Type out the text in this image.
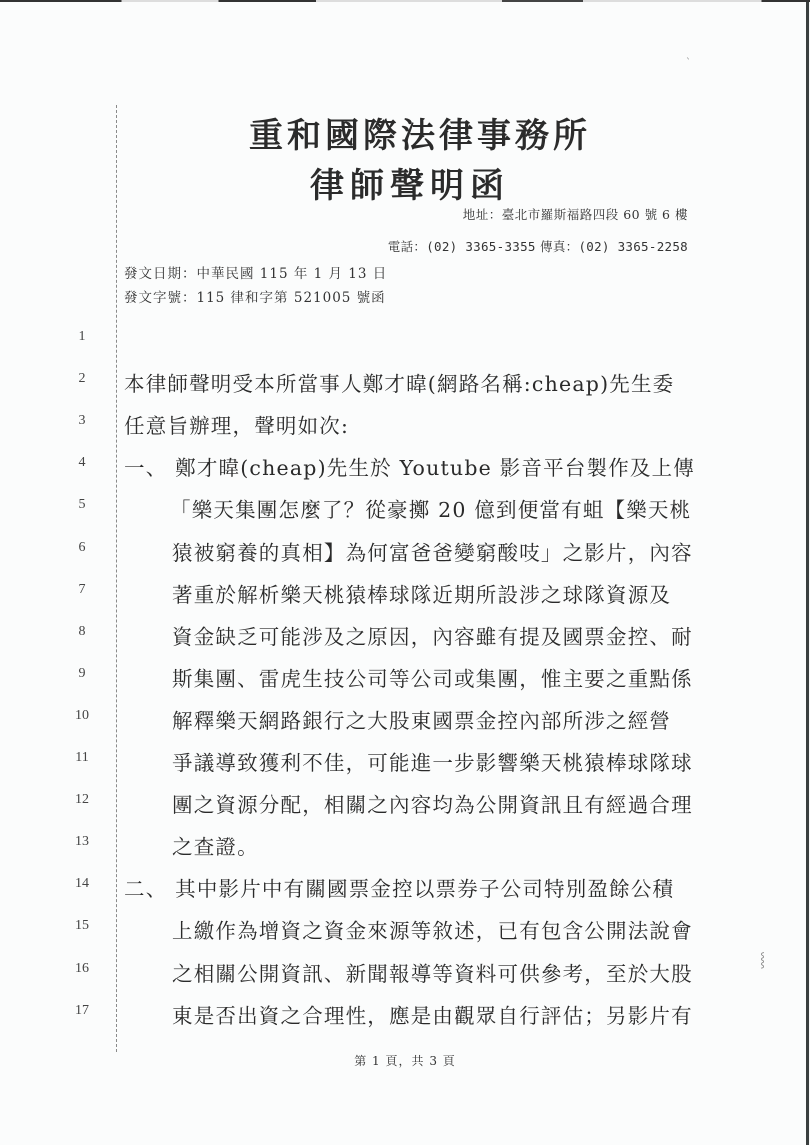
重和國際法律事務所
律師聲明函
地址：臺北市羅斯福路四段 60 號 6 樓
電話：(02) 3365-3355 傳真：(02) 3365-2258
發文日期：中華民國 115 年 1 月 13 日
發文字號：115 律和字第 521005 號函
1
2	本律師聲明受本所當事人鄭才暐(網路名稱:cheap)先生委
3	任意旨辦理，聲明如次:
4	一、 鄭才暐(cheap)先生於 Youtube 影音平台製作及上傳
5	「樂天集團怎麼了？從豪擲 20 億到便當有蛆【樂天桃
6	猿被窮養的真相】為何富爸爸變窮酸吱」之影片，內容
7	著重於解析樂天桃猿棒球隊近期所設涉之球隊資源及
8	資金缺乏可能涉及之原因，內容雖有提及國票金控、耐
9	斯集團、雷虎生技公司等公司或集團，惟主要之重點係
10	解釋樂天網路銀行之大股東國票金控內部所涉之經營
11	爭議導致獲利不佳，可能進一步影響樂天桃猿棒球隊球
12	團之資源分配，相關之內容均為公開資訊且有經過合理
13	之查證。
14	二、 其中影片中有關國票金控以票券子公司特別盈餘公積
15	上繳作為增資之資金來源等敘述，已有包含公開法說會
16	之相關公開資訊、新聞報導等資料可供參考，至於大股
17	東是否出資之合理性，應是由觀眾自行評估；另影片有
第 1 頁，共 3 頁
ˋ
⸾
